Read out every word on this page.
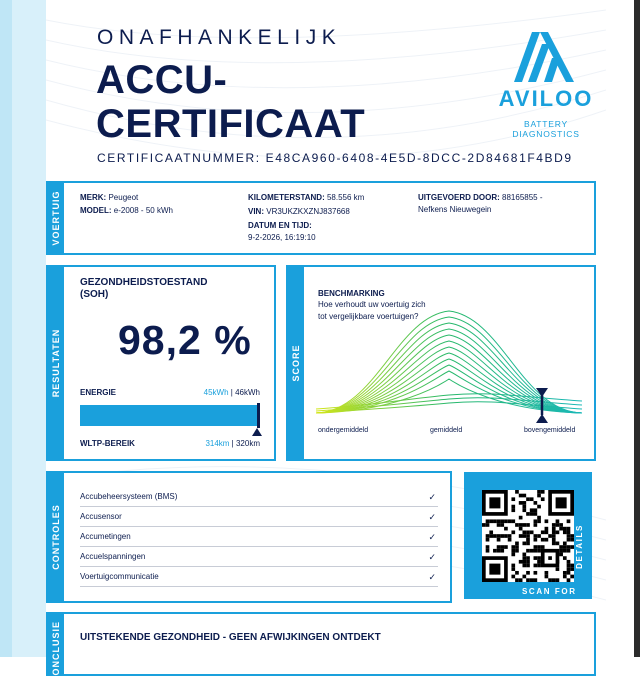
ONAFHANKELIJK
ACCU-
CERTIFICAAT
CERTIFICAATNUMMER: E48CA960-6408-4E5D-8DCC-2D84681F4BD9
AVILOO
BATTERY DIAGNOSTICS
VOERTUIG MERK: Peugeot
MODEL: e-2008 - 50 kWh
KILOMETERSTAND: 58.556 km
VIN: VR3UKZKXZNJ837668
DATUM EN TIJD:
9-2-2026, 16:19:10
UITGEVOERD DOOR: 88165855 -
Nefkens Nieuwegein
RESULTATEN
GEZONDHEIDSTOESTAND
(SOH)
98,2 %
ENERGIE	45kWh | 46kWh
WLTP-BEREIK	314km | 320km
SCORE
BENCHMARKING
Hoe verhoudt uw voertuig zich tot vergelijkbare voertuigen?
ondergemiddeld	gemiddeld	bovengemiddeld
CONTROLES
Accubeheersysteem (BMS)	✓
Accusensor	✓
Accumetingen	✓
Accuelspanningen	✓
Voertuigcommunicatie	✓
SCAN FOR
DETAILS
CONCLUSIE UITSTEKENDE GEZONDHEID - GEEN AFWIJKINGEN ONTDEKT
